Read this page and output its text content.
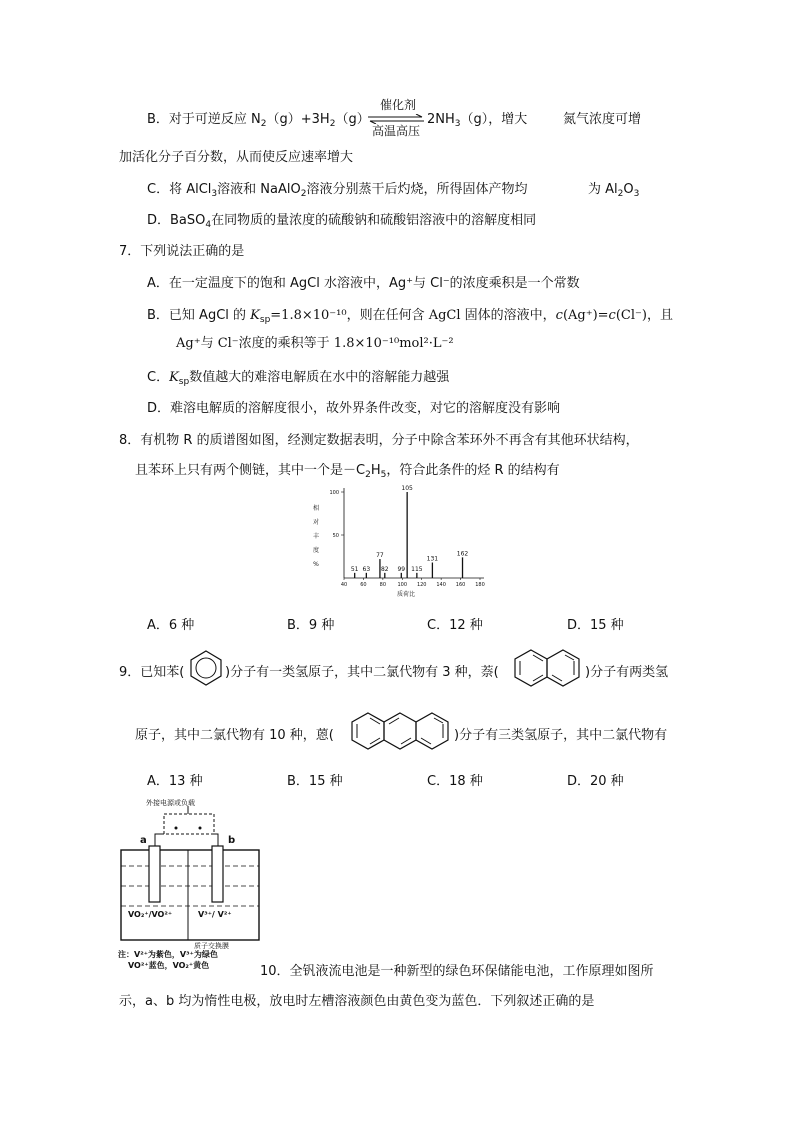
B．对于可逆反应 $N_2(g)+3H_2(g)$
催化剂
高温高压
$2NH_3(g)$，增大	氮气浓度可增
加活化分子百分数，从而使反应速率增大
C．将 AlCl$_3$溶液和 NaAlO$_2$溶液分别蒸干后灼烧，所得固体产物均	为 $Al_2O_3$
D．BaSO$_4$在同物质的量浓度的硫酸钠和硫酸铝溶液中的溶解度相同
7．下列说法正确的是
A．在一定温度下的饱和 AgCl 水溶液中，Ag⁺与 Cl⁻的浓度乘积是一个常数
B．已知 AgCl 的 $K_{sp}=1.8\times 10^{-10}$，则在任何含 AgCl 固体的溶液中，c(Ag⁺)=c(Cl⁻)，且
Ag⁺与 Cl⁻浓度的乘积等于 1.8×10⁻¹⁰mol²·L⁻²
C．$K_{sp}$数值越大的难溶电解质在水中的溶解能力越强
D．难溶电解质的溶解度很小，故外界条件改变，对它的溶解度没有影响
8．有机物 R 的质谱图如图，经测定数据表明，分子中除含苯环外不再含有其他环状结构，
且苯环上只有两个侧链，其中一个是$-C_2H_5$，符合此条件的烃 R 的结构有
50
100
40	60	80 100 120 140 160 180
51 63
77
82 99
105
115
131
162
相
对
丰
度
%
质荷比
A．6 种	B．9 种	C．12 种	D．15 种
9．已知苯(	)分子有一类氢原子，其中二氯代物有 3 种，萘(	)分子有两类氢
原子，其中二氯代物有 10 种，蒽(	)分子有三类氢原子，其中二氯代物有
A．13 种	B．15 种	C．18 种	D．20 种
外接电源或负载
a	b
VO₂⁺/VO²⁺	V³⁺/ V²⁺
质子交换膜
注：V²⁺为紫色，V³⁺为绿色
VO²⁺蓝色，VO₂⁺黄色	10．全钒液流电池是一种新型的绿色环保储能电池，工作原理如图所
示，a、b 均为惰性电极，放电时左槽溶液颜色由黄色变为蓝色．下列叙述正确的是
